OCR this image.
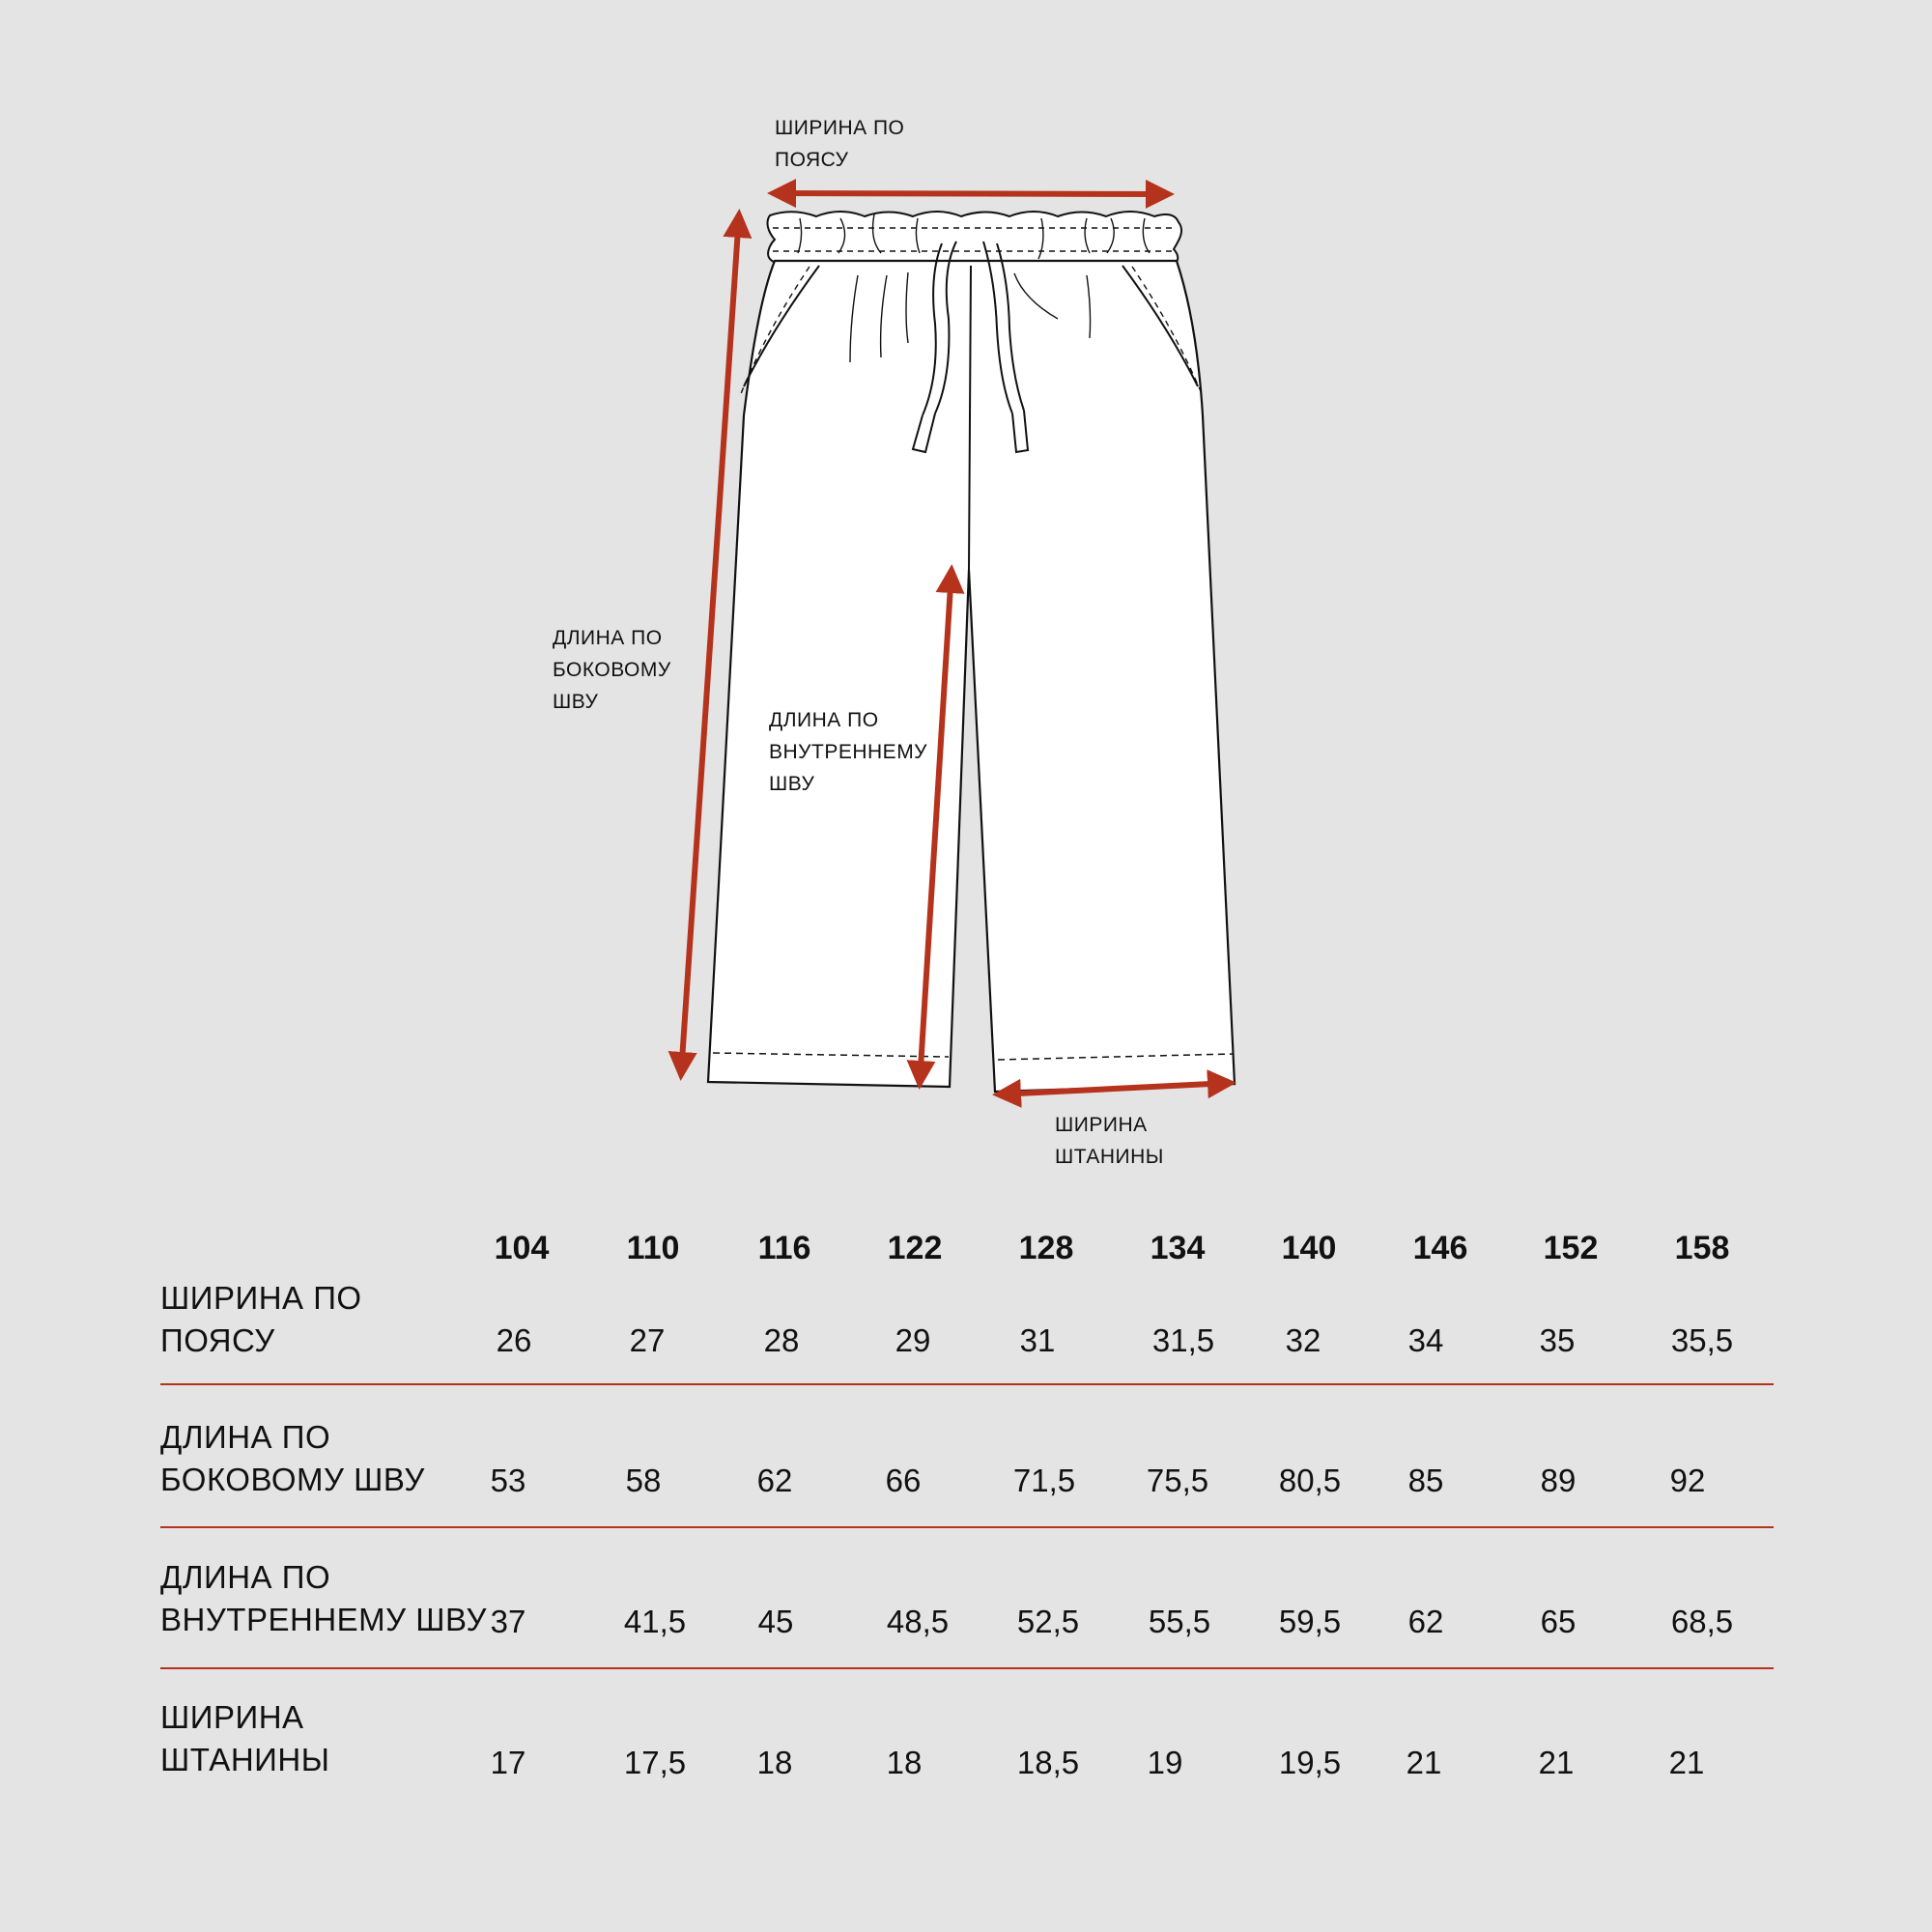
ШИРИНА ПО
ПОЯСУ
ДЛИНА ПО
БОКОВОМУ
ШВУ
ДЛИНА ПО
ВНУТРЕННЕМУ
ШВУ
ШИРИНА
ШТАНИНЫ
104	110	116	122	128	134	140	146	152	158
ШИРИНА ПО
ПОЯСУ	26	27	28	29	31	31,5	32	34	35	35,5
ДЛИНА ПО
БОКОВОМУ ШВУ	53	58	62	66	71,5	75,5	80,5	85	89	92
ДЛИНА ПО
ВНУТРЕННЕМУ ШВУ 37	41,5	45	48,5	52,5	55,5	59,5	62	65	68,5
ШИРИНА
ШТАНИНЫ	17	17,5	18	18	18,5	19	19,5	21	21	21
